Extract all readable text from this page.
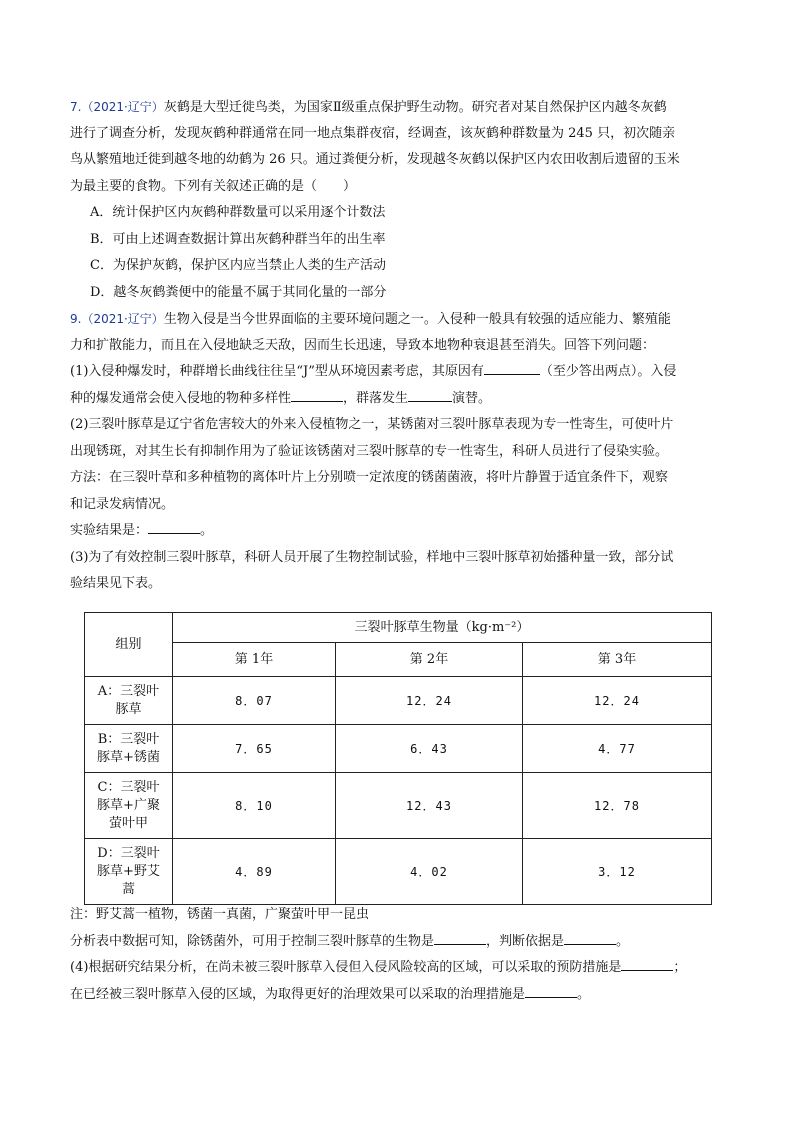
7.（2021·辽宁）灰鹤是大型迁徙鸟类，为国家Ⅱ级重点保护野生动物。研究者对某自然保护区内越冬灰鹤

进行了调查分析，发现灰鹤种群通常在同一地点集群夜宿，经调查，该灰鹤种群数量为 245 只，初次随亲

鸟从繁殖地迁徙到越冬地的幼鹤为 26 只。通过粪便分析，发现越冬灰鹤以保护区内农田收割后遗留的玉米

为最主要的食物。下列有关叙述正确的是（　　）

A．统计保护区内灰鹤种群数量可以采用逐个计数法

B．可由上述调查数据计算出灰鹤种群当年的出生率

C．为保护灰鹤，保护区内应当禁止人类的生产活动

D．越冬灰鹤粪便中的能量不属于其同化量的一部分

9.（2021·辽宁）生物入侵是当今世界面临的主要环境问题之一。入侵种一般具有较强的适应能力、繁殖能

力和扩散能力，而且在入侵地缺乏天敌，因而生长迅速，导致本地物种衰退甚至消失。回答下列问题：

(1)入侵种爆发时，种群增长曲线往往呈“J”型从环境因素考虑，其原因有	（至少答出两点）。入侵

种的爆发通常会使入侵地的物种多样性	，群落发生	演替。

(2)三裂叶豚草是辽宁省危害较大的外来入侵植物之一，某锈菌对三裂叶豚草表现为专一性寄生，可使叶片

出现锈斑，对其生长有抑制作用为了验证该锈菌对三裂叶豚草的专一性寄生，科研人员进行了侵染实验。

方法：在三裂叶草和多种植物的离体叶片上分别喷一定浓度的锈菌菌液，将叶片静置于适宜条件下，观察

和记录发病情况。

实验结果是：	。

(3)为了有效控制三裂叶豚草，科研人员开展了生物控制试验，样地中三裂叶豚草初始播种量一致，部分试

验结果见下表。

组别	三裂叶豚草生物量（kg·m⁻²）		
	第 1年	第 2年	第 3年

A：三裂叶
豚草	8．07	12．24	12．24

B：三裂叶
豚草+锈菌	7．65	6．43	4．77

C：三裂叶
豚草+广聚
萤叶甲	8．10	12．43	12．78

D：三裂叶
豚草+野艾
蒿	4．89	4．02	3．12

注：野艾蒿一植物，锈菌一真菌，广聚萤叶甲一昆虫

分析表中数据可知，除锈菌外，可用于控制三裂叶豚草的生物是	，判断依据是	。

(4)根据研究结果分析，在尚未被三裂叶豚草入侵但入侵风险较高的区域，可以采取的预防措施是	；

在已经被三裂叶豚草入侵的区域，为取得更好的治理效果可以采取的治理措施是	。
